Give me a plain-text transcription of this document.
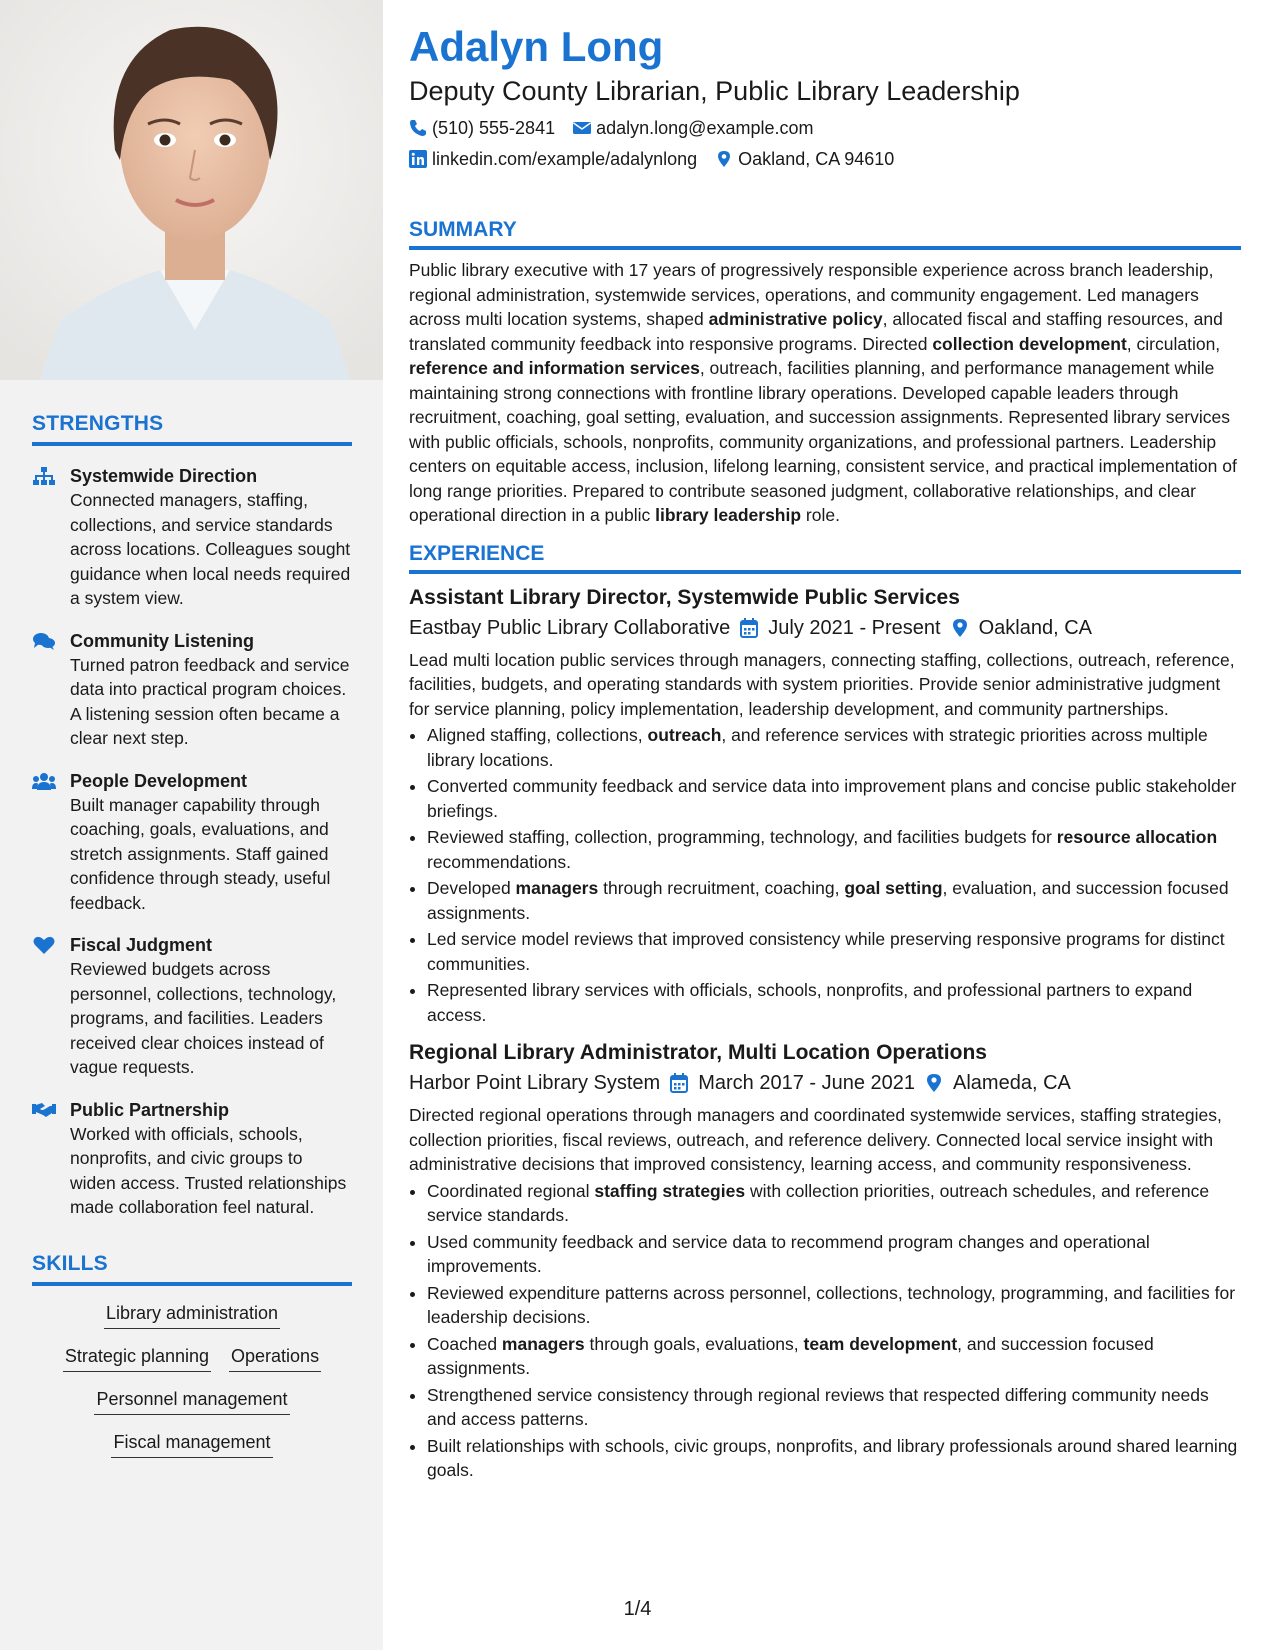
STRENGTHS
Systemwide Direction
Connected managers, staffing, collections, and service standards across locations. Colleagues sought guidance when local needs required a system view.
Community Listening
Turned patron feedback and service data into practical program choices. A listening session often became a clear next step.
People Development
Built manager capability through coaching, goals, evaluations, and stretch assignments. Staff gained confidence through steady, useful feedback.
Fiscal Judgment
Reviewed budgets across personnel, collections, technology, programs, and facilities. Leaders received clear choices instead of vague requests.
Public Partnership
Worked with officials, schools, nonprofits, and civic groups to widen access. Trusted relationships made collaboration feel natural.
SKILLS
Library administration
Strategic planning Operations
Personnel management
Fiscal management
Adalyn Long
Deputy County Librarian, Public Library Leadership
(510) 555-2841 adalyn.long@example.com
linkedin.com/example/adalynlong Oakland, CA 94610
SUMMARY
Public library executive with 17 years of progressively responsible experience across branch leadership, regional administration, systemwide services, operations, and community engagement. Led managers across multi location systems, shaped administrative policy, allocated fiscal and staffing resources, and translated community feedback into responsive programs. Directed collection development, circulation, reference and information services, outreach, facilities planning, and performance management while maintaining strong connections with frontline library operations. Developed capable leaders through recruitment, coaching, goal setting, evaluation, and succession assignments. Represented library services with public officials, schools, nonprofits, community organizations, and professional partners. Leadership centers on equitable access, inclusion, lifelong learning, consistent service, and practical implementation of long range priorities. Prepared to contribute seasoned judgment, collaborative relationships, and clear operational direction in a public library leadership role.
EXPERIENCE
Assistant Library Director, Systemwide Public Services
Eastbay Public Library Collaborative July 2021 - Present Oakland, CA
Lead multi location public services through managers, connecting staffing, collections, outreach, reference, facilities, budgets, and operating standards with system priorities. Provide senior administrative judgment for service planning, policy implementation, leadership development, and community partnerships.
• Aligned staffing, collections, outreach, and reference services with strategic priorities across multiple library locations.
• Converted community feedback and service data into improvement plans and concise public stakeholder briefings.
• Reviewed staffing, collection, programming, technology, and facilities budgets for resource allocation recommendations.
• Developed managers through recruitment, coaching, goal setting, evaluation, and succession focused assignments.
• Led service model reviews that improved consistency while preserving responsive programs for distinct communities.
• Represented library services with officials, schools, nonprofits, and professional partners to expand access.
Regional Library Administrator, Multi Location Operations
Harbor Point Library System March 2017 - June 2021 Alameda, CA
Directed regional operations through managers and coordinated systemwide services, staffing strategies, collection priorities, fiscal reviews, outreach, and reference delivery. Connected local service insight with administrative decisions that improved consistency, learning access, and community responsiveness.
• Coordinated regional staffing strategies with collection priorities, outreach schedules, and reference service standards.
• Used community feedback and service data to recommend program changes and operational improvements.
• Reviewed expenditure patterns across personnel, collections, technology, programming, and facilities for leadership decisions.
• Coached managers through goals, evaluations, team development, and succession focused assignments.
• Strengthened service consistency through regional reviews that respected differing community needs and access patterns.
• Built relationships with schools, civic groups, nonprofits, and library professionals around shared learning goals.
1/4
